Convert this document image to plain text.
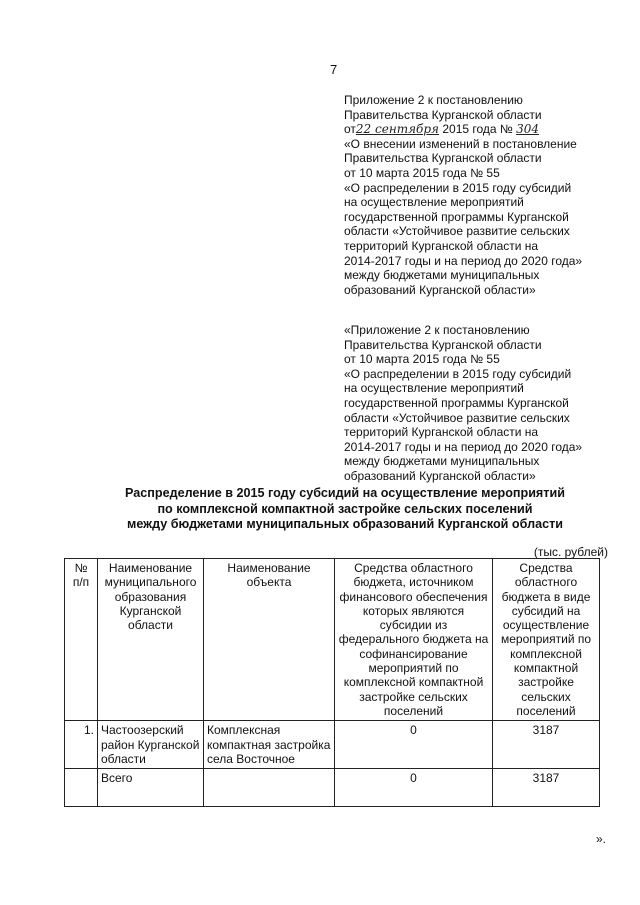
7
Приложение 2 к постановлению
Правительства Курганской области
от22 сентября 2015 года № 304
«О внесении изменений в постановление
Правительства Курганской области
от 10 марта 2015 года № 55
«О распределении в 2015 году субсидий
на осуществление мероприятий
государственной программы Курганской
области «Устойчивое развитие сельских
территорий Курганской области на
2014-2017 годы и на период до 2020 года»
между бюджетами муниципальных
образований Курганской области»
«Приложение 2 к постановлению
Правительства Курганской области
от 10 марта 2015 года № 55
«О распределении в 2015 году субсидий
на осуществление мероприятий
государственной программы Курганской
области «Устойчивое развитие сельских
территорий Курганской области на
2014-2017 годы и на период до 2020 года»
между бюджетами муниципальных
образований Курганской области»
Распределение в 2015 году субсидий на осуществление мероприятий
по комплексной компактной застройке сельских поселений
между бюджетами муниципальных образований Курганской области
(тыс. рублей)
№ п/п	Наименование муниципального образования Курганской области	Наименование объекта	Средства областного бюджета, источником финансового обеспечения которых являются субсидии из федерального бюджета на софинансирование мероприятий по комплексной компактной застройке сельских поселений	Средства областного бюджета в виде субсидий на осуществление мероприятий по комплексной компактной застройке сельских поселений
1.	Частоозерский район Курганской области	Комплексная компактная застройка села Восточное	0	3187
	Всего		0	3187
».
